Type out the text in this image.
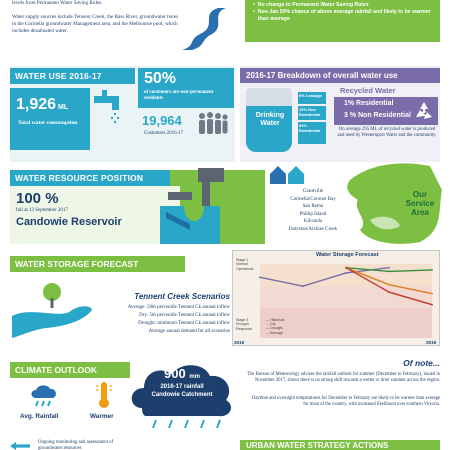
levels from Permanent Water Saving Rules.
Water supply sources include Tennent Creek, the Bass River, groundwater bores in the Corinella groundwater Management area, and the Melbourne pool, which includes desalinated water.
• No change to Permanent Water Saving Rules
• Nov-Jan 50% chance of above average rainfall and likely to be warmer than average
WATER USE 2016-17
1,926 ML
Total water consumption
50%
of customers are non-permanent residents
19,964
Customers 2016-17
2016-17 Breakdown of overall water use
Drinking Water
6% Leakage
10% Non Residential
84% Residential
Recycled Water
1% Residential
3 % Non Residential
On average 295 ML of recycled water is produced and used by Westernport Water and the community.
WATER RESOURCE POSITION
100 %
full at 13 September 2017
Candowie Reservoir
Grantville
Corinella/Coronet Bay
San Remo
Phillip Island
Kilcunda
Dalyston/Archies Creek
Our Service Area
WATER STORAGE FORECAST
Tennent Creek Scenarios
Average: 50th percentile Tennent Ck annual inflow
Dry: 5th percentile Tennent Ck annual inflow
Drought: minimum Tennent Ck annual inflow
Average annual demand for all scenarios
Water Storage Forecast
Stage 1 Normal Operations
Stage 4 Drought Response
— Historical
— Dry
— Drought
— Average
2015	2019
CLIMATE OUTLOOK
Avg. Rainfall	Warmer
900 mm
2016-17 rainfall
Candowie Catchment
Of note...
The Bureau of Meteorology advises the rainfall outlook for summer (December to February), issued in November 2017, shows there is no strong shift towards a wetter or drier summer across the region.
Daytime and overnight temperatures for December to February are likely to be warmer than average for most of the country, with increased likelihood over southern Victoria.
Ongoing monitoring and assessment of
groundwater resources	URBAN WATER STRATEGY ACTIONS
